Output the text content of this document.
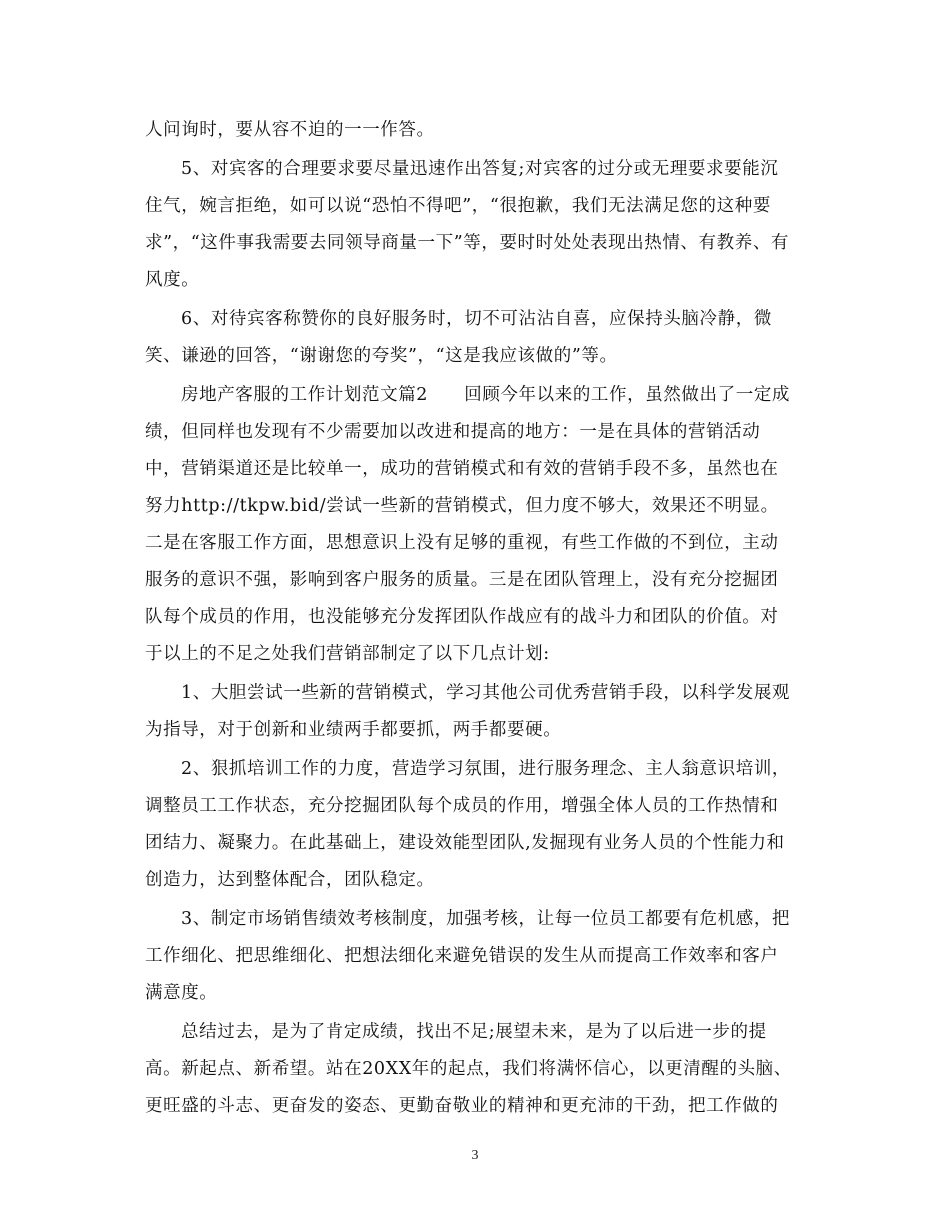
人问询时，要从容不迫的一一作答。
5、对宾客的合理要求要尽量迅速作出答复;对宾客的过分或无理要求要能沉
住气，婉言拒绝，如可以说“恐怕不得吧”，“很抱歉，我们无法满足您的这种要
求”，“这件事我需要去同领导商量一下”等，要时时处处表现出热情、有教养、有
风度。
6、对待宾客称赞你的良好服务时，切不可沾沾自喜，应保持头脑冷静，微
笑、谦逊的回答，“谢谢您的夸奖”，“这是我应该做的”等。
房地产客服的工作计划范文篇2　　回顾今年以来的工作，虽然做出了一定成
绩，但同样也发现有不少需要加以改进和提高的地方：一是在具体的营销活动
中，营销渠道还是比较单一，成功的营销模式和有效的营销手段不多，虽然也在
努力http://tkpw.bid/尝试一些新的营销模式，但力度不够大，效果还不明显。
二是在客服工作方面，思想意识上没有足够的重视，有些工作做的不到位，主动
服务的意识不强，影响到客户服务的质量。三是在团队管理上，没有充分挖掘团
队每个成员的作用，也没能够充分发挥团队作战应有的战斗力和团队的价值。对
于以上的不足之处我们营销部制定了以下几点计划:
1、大胆尝试一些新的营销模式，学习其他公司优秀营销手段，以科学发展观
为指导，对于创新和业绩两手都要抓，两手都要硬。
2、狠抓培训工作的力度，营造学习氛围，进行服务理念、主人翁意识培训，
调整员工工作状态，充分挖掘团队每个成员的作用，增强全体人员的工作热情和
团结力、凝聚力。在此基础上，建设效能型团队,发掘现有业务人员的个性能力和
创造力，达到整体配合，团队稳定。
3、制定市场销售绩效考核制度，加强考核，让每一位员工都要有危机感，把
工作细化、把思维细化、把想法细化来避免错误的发生从而提高工作效率和客户
满意度。
总结过去，是为了肯定成绩，找出不足;展望未来，是为了以后进一步的提
高。新起点、新希望。站在20XX年的起点，我们将满怀信心，以更清醒的头脑、
更旺盛的斗志、更奋发的姿态、更勤奋敬业的精神和更充沛的干劲，把工作做的
3
